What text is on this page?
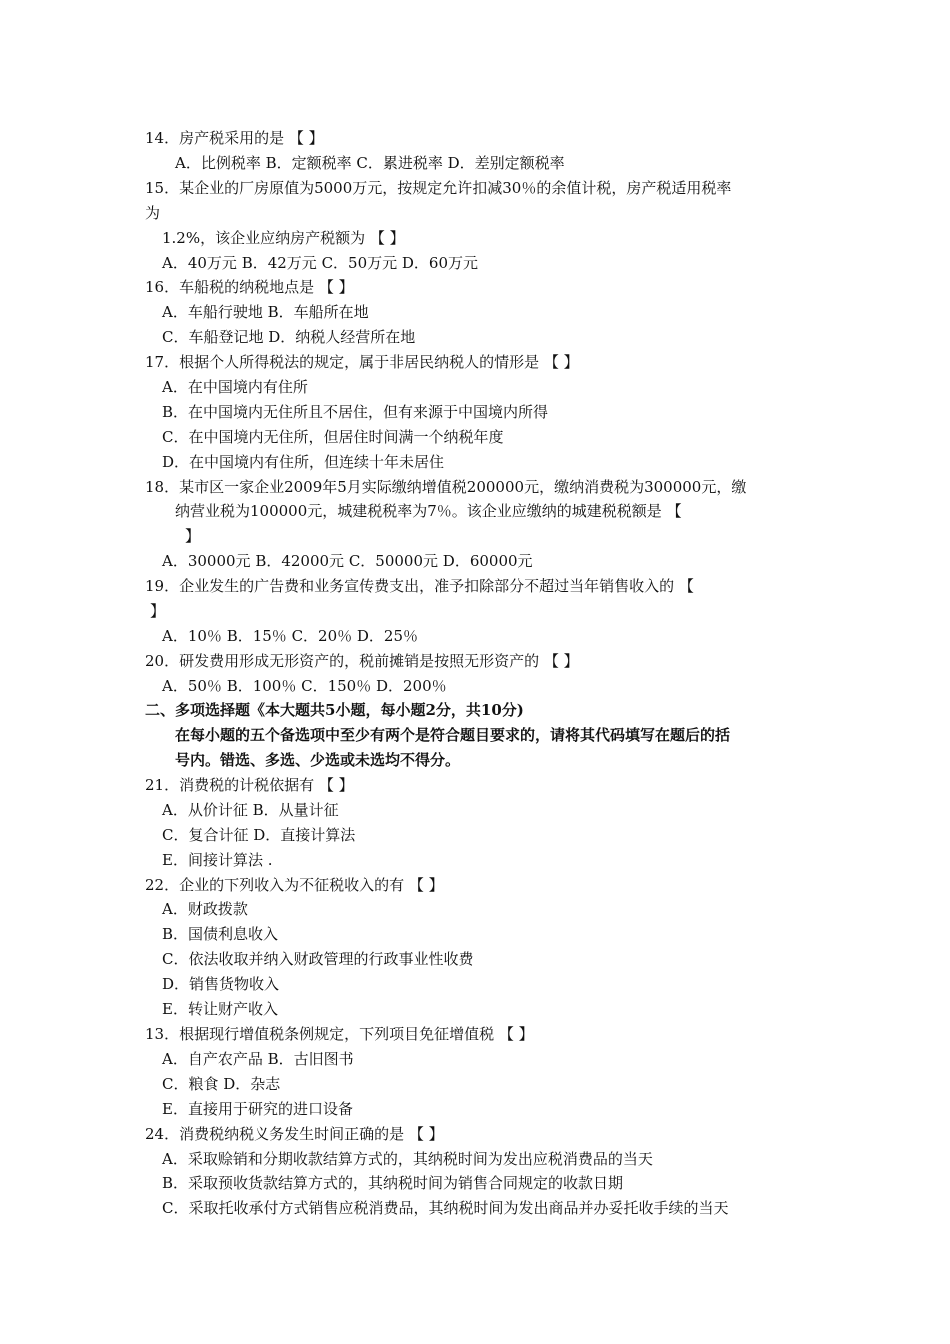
14．房产税采用的是 【 】
A．比例税率 B．定额税率 C．累进税率 D．差别定额税率
15．某企业的厂房原值为5000万元，按规定允许扣减30％的余值计税，房产税适用税率
为
1.2%，该企业应纳房产税额为 【 】
A．40万元 B．42万元 C．50万元 D．60万元
16．车船税的纳税地点是 【 】
A．车船行驶地 B．车船所在地
C．车船登记地 D．纳税人经营所在地
17．根据个人所得税法的规定，属于非居民纳税人的情形是 【 】
A．在中国境内有住所
B．在中国境内无住所且不居住，但有来源于中国境内所得
C．在中国境内无住所，但居住时间满一个纳税年度
D．在中国境内有住所，但连续十年未居住
18．某市区一家企业2009年5月实际缴纳增值税200000元，缴纳消费税为300000元，缴
纳营业税为100000元，城建税税率为7％。该企业应缴纳的城建税税额是 【
】
A．30000元 B．42000元 C．50000元 D．60000元
19．企业发生的广告费和业务宣传费支出，准予扣除部分不超过当年销售收入的 【
】
A．10％ B．15％ C．20％ D．25％
20．研发费用形成无形资产的，税前摊销是按照无形资产的 【 】
A．50％ B．100％ C．150％ D．200％
二、多项选择题《本大题共5小题，每小题2分，共10分)
在每小题的五个备选项中至少有两个是符合题目要求的，请将其代码填写在题后的括
号内。错选、多选、少选或未选均不得分。
21．消费税的计税依据有 【 】
A．从价计征 B．从量计征
C．复合计征 D．直接计算法
E．间接计算法 .
22．企业的下列收入为不征税收入的有 【 】
A．财政拨款
B．国债利息收入
C．依法收取并纳入财政管理的行政事业性收费
D．销售货物收入
E．转让财产收入
13．根据现行增值税条例规定，下列项目免征增值税 【 】
A．自产农产品 B．古旧图书
C．粮食 D．杂志
E．直接用于研究的进口设备
24．消费税纳税义务发生时间正确的是 【 】
A．采取赊销和分期收款结算方式的，其纳税时间为发出应税消费品的当天
B．采取预收货款结算方式的，其纳税时间为销售合同规定的收款日期
C．采取托收承付方式销售应税消费品，其纳税时间为发出商品并办妥托收手续的当天
